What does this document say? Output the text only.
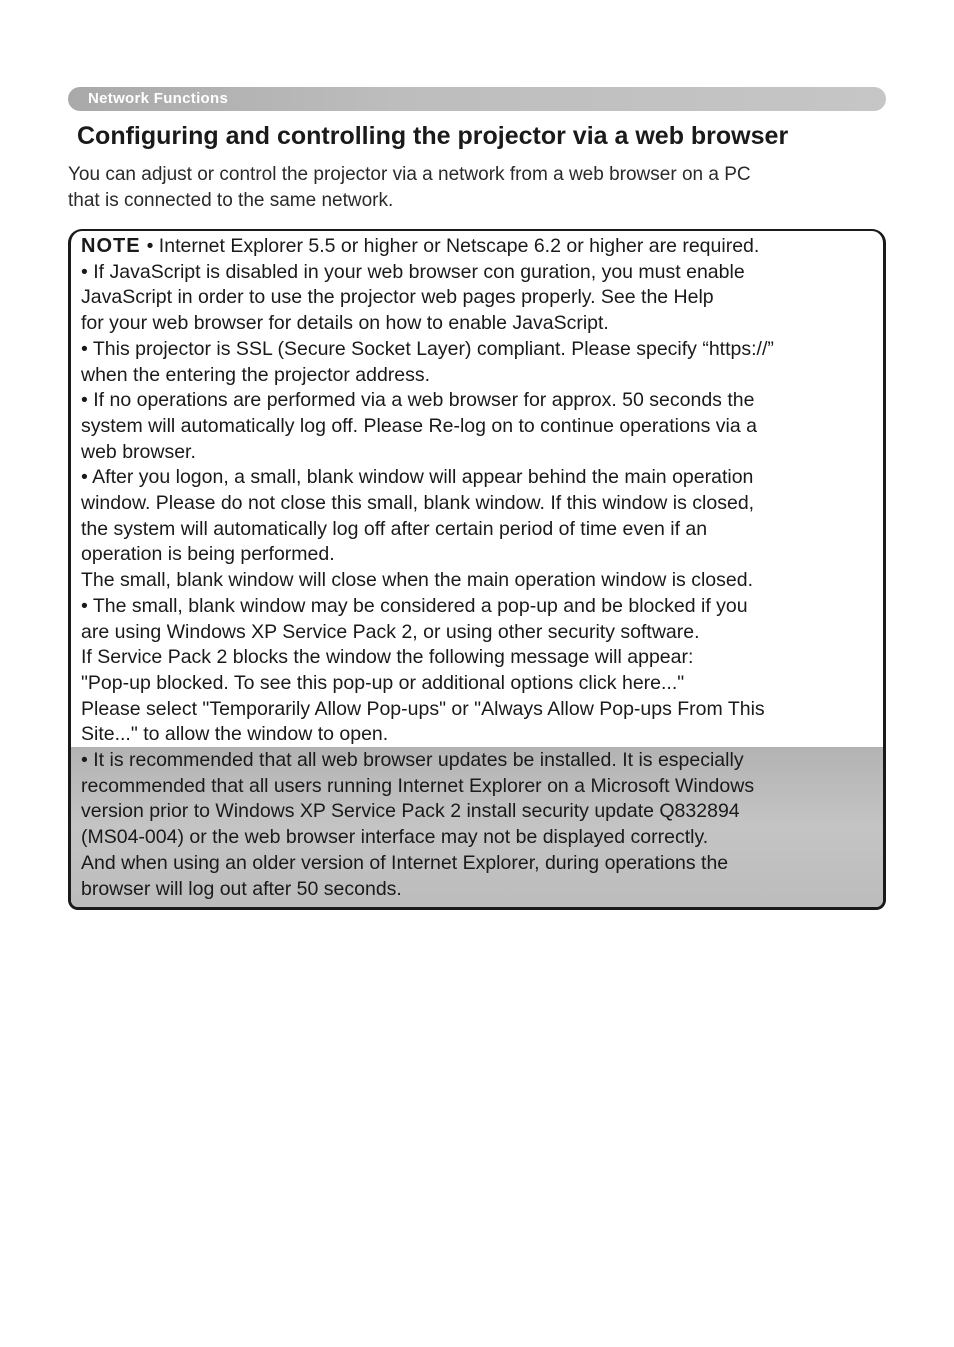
Network Functions
Configuring and controlling the projector via a web browser
You can adjust or control the projector via a network from a web browser on a PC
that is connected to the same network.

NOTE • Internet Explorer 5.5 or higher or Netscape 6.2 or higher are required.

• If JavaScript is disabled in your web browser con guration, you must enable

JavaScript in order to use the projector web pages properly. See the Help

for your web browser for details on how to enable JavaScript.

• This projector is SSL (Secure Socket Layer) compliant. Please specify “https://”

when the entering the projector address.

• If no operations are performed via a web browser for approx. 50 seconds the

system will automatically log off. Please Re-log on to continue operations via a

web browser.

• After you logon, a small, blank window will appear behind the main operation

window. Please do not close this small, blank window. If this window is closed,

the system will automatically log off after certain period of time even if an

operation is being performed.

The small, blank window will close when the main operation window is closed.

• The small, blank window may be considered a pop-up and be blocked if you

are using Windows XP Service Pack 2, or using other security software.

If Service Pack 2 blocks the window the following message will appear:

"Pop-up blocked. To see this pop-up or additional options click here..."

Please select "Temporarily Allow Pop-ups" or "Always Allow Pop-ups From This

Site..." to allow the window to open.

• It is recommended that all web browser updates be installed. It is especially

recommended that all users running Internet Explorer on a Microsoft Windows

version prior to Windows XP Service Pack 2 install security update Q832894

(MS04-004) or the web browser interface may not be displayed correctly.

And when using an older version of Internet Explorer, during operations the

browser will log out after 50 seconds.
